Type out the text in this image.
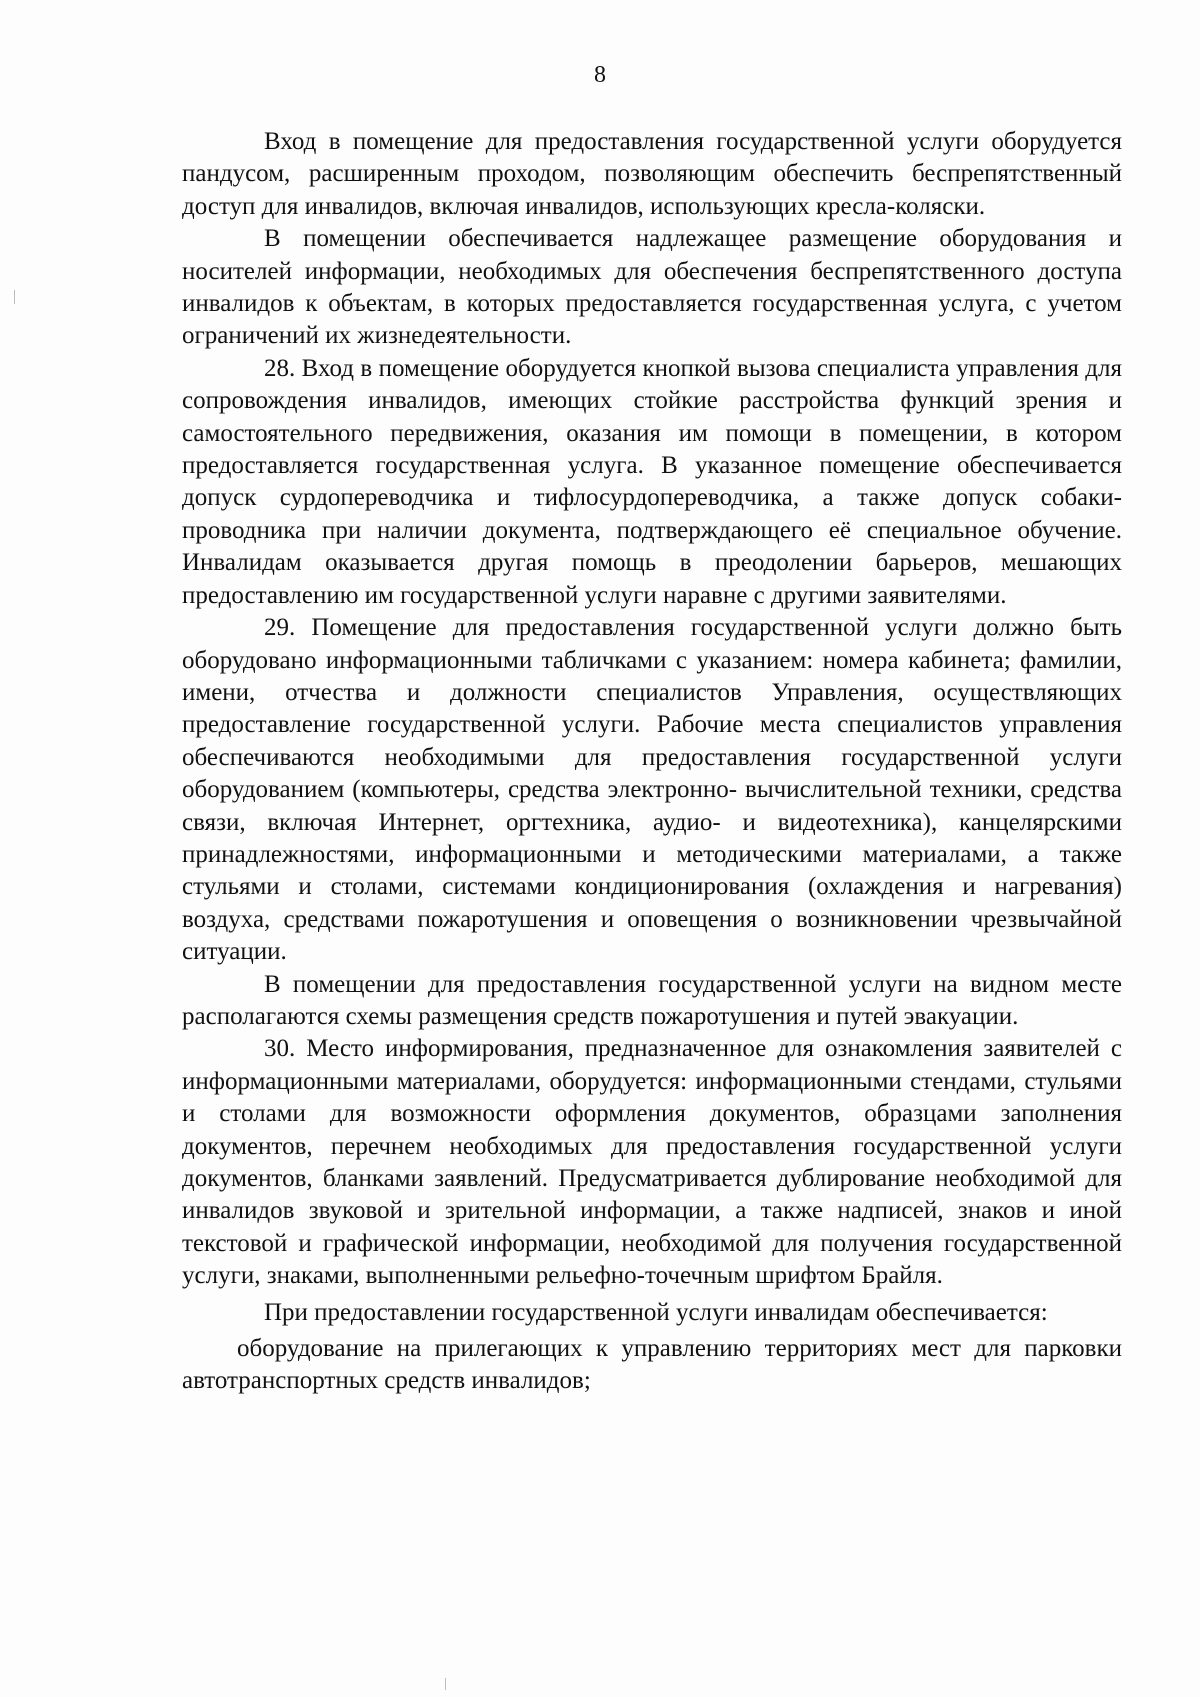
8

Вход в помещение для предоставления государственной услуги оборудуется пандусом, расширенным проходом, позволяющим обеспечить беспрепятственный доступ для инвалидов, включая инвалидов, использующих кресла-коляски.

В помещении обеспечивается надлежащее размещение оборудования и носителей информации, необходимых для обеспечения беспрепятственного доступа инвалидов к объектам, в которых предоставляется государственная услуга, с учетом ограничений их жизнедеятельности.

28. Вход в помещение оборудуется кнопкой вызова специалиста управления для сопровождения инвалидов, имеющих стойкие расстройства функций зрения и самостоятельного передвижения, оказания им помощи в помещении, в котором предоставляется государственная услуга. В указанное помещение обеспечивается допуск сурдопереводчика и тифлосурдопереводчика, а также допуск собаки-проводника при наличии документа, подтверждающего её специальное обучение. Инвалидам оказывается другая помощь в преодолении барьеров, мешающих предоставлению им государственной услуги наравне с другими заявителями.

29. Помещение для предоставления государственной услуги должно быть оборудовано информационными табличками с указанием: номера кабинета; фамилии, имени, отчества и должности специалистов Управления, осуществляющих предоставление государственной услуги. Рабочие места специалистов управления обеспечиваются необходимыми для предоставления государственной услуги оборудованием (компьютеры, средства электронно- вычислительной техники, средства связи, включая Интернет, оргтехника, аудио- и видеотехника), канцелярскими принадлежностями, информационными и методическими материалами, а также стульями и столами, системами кондиционирования (охлаждения и нагревания) воздуха, средствами пожаротушения и оповещения о возникновении чрезвычайной ситуации.

В помещении для предоставления государственной услуги на видном месте располагаются схемы размещения средств пожаротушения и путей эвакуации.

30. Место информирования, предназначенное для ознакомления заявителей с информационными материалами, оборудуется: информационными стендами, стульями и столами для возможности оформления документов, образцами заполнения документов, перечнем необходимых для предоставления государственной услуги документов, бланками заявлений. Предусматривается дублирование необходимой для инвалидов звуковой и зрительной информации, а также надписей, знаков и иной текстовой и графической информации, необходимой для получения государственной услуги, знаками, выполненными рельефно-точечным шрифтом Брайля.

При предоставлении государственной услуги инвалидам обеспечивается:

оборудование на прилегающих к управлению территориях мест для парковки автотранспортных средств инвалидов;
